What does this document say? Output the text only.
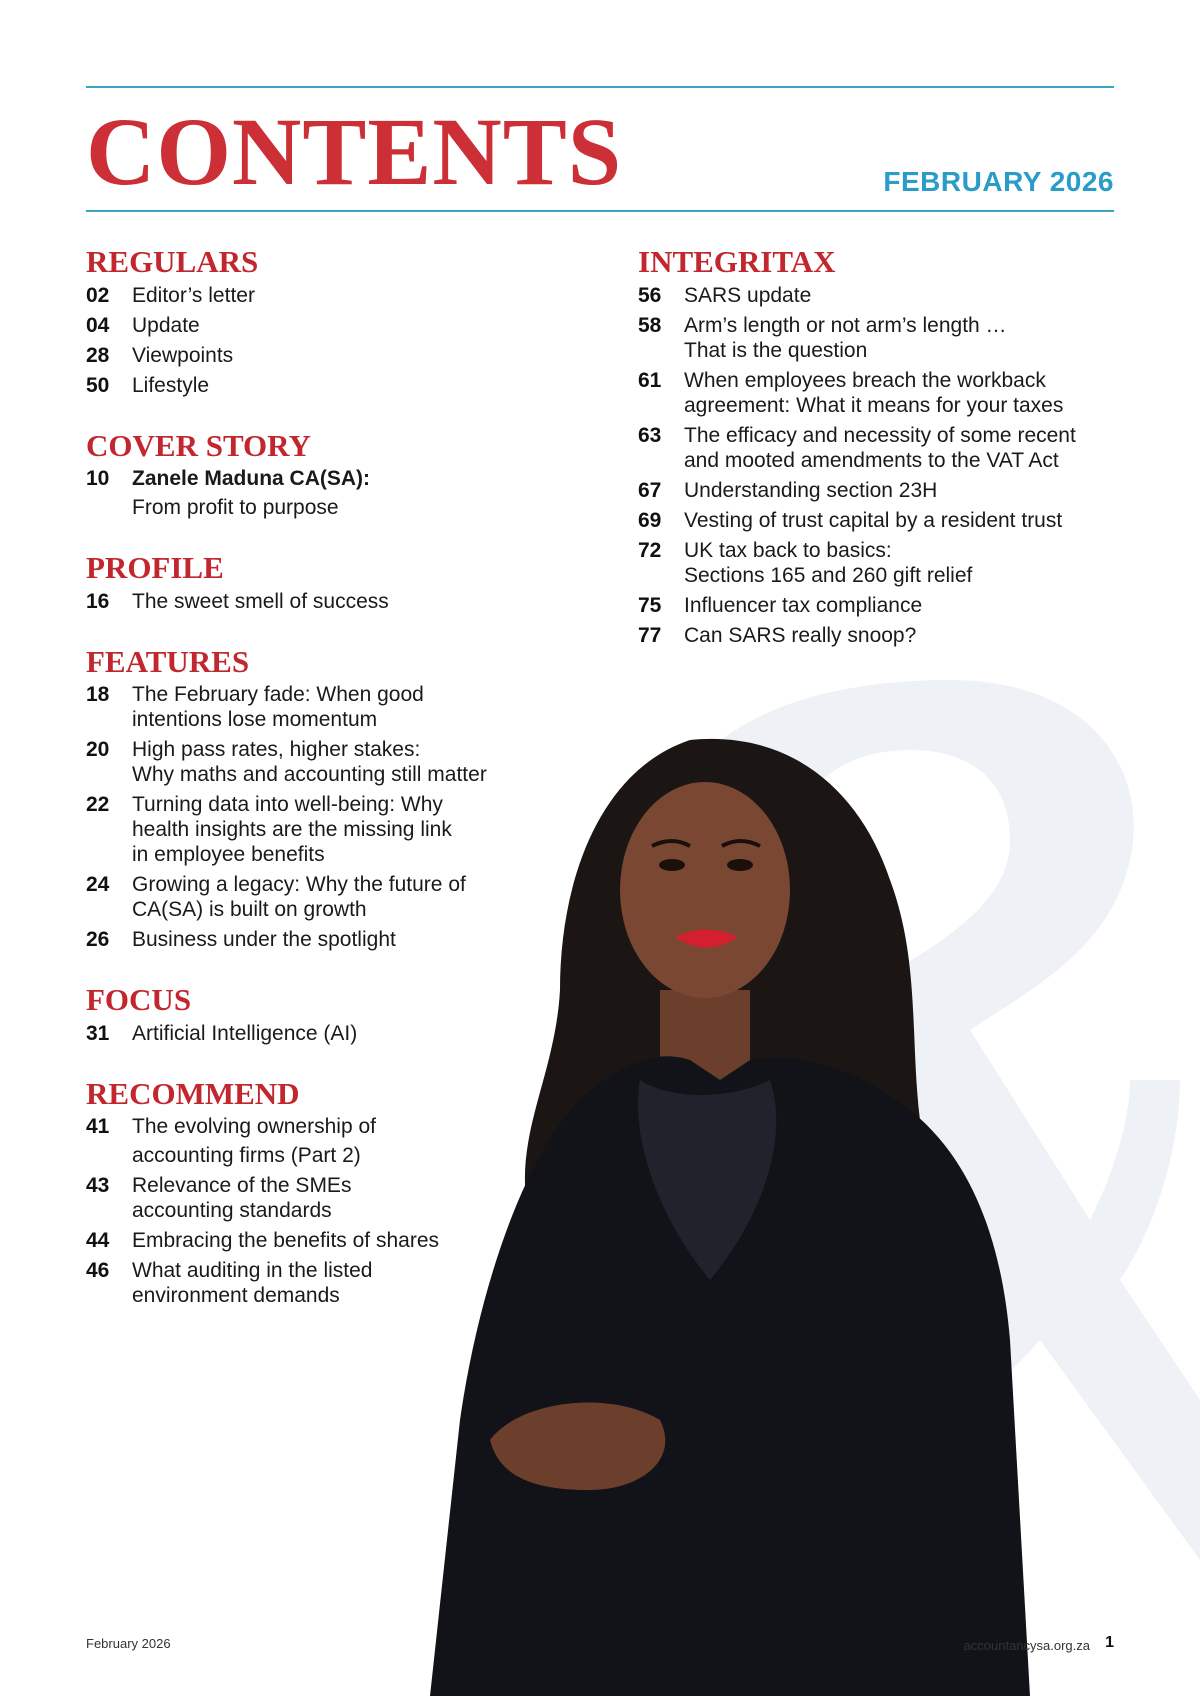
CONTENTS	FEBRUARY 2026
REGULARS
02	Editor’s letter
04	Update
28	Viewpoints
50	Lifestyle
COVER STORY
10	Zanele Maduna CA(SA):
From profit to purpose
PROFILE
16	The sweet smell of success
FEATURES
18	The February fade: When good
intentions lose momentum
20	High pass rates, higher stakes:
Why maths and accounting still matter
22	Turning data into well-being: Why
health insights are the missing link
in employee benefits
24	Growing a legacy: Why the future of
CA(SA) is built on growth
26	Business under the spotlight
FOCUS
31	Artificial Intelligence (AI)
RECOMMEND
41	The evolving ownership of
accounting firms (Part 2)
43	Relevance of the SMEs
accounting standards
44	Embracing the benefits of shares
46	What auditing in the listed
environment demands
INTEGRITAX
56	SARS update
58	Arm’s length or not arm’s length …
That is the question
61	When employees breach the workback
agreement: What it means for your taxes
63	The efficacy and necessity of some recent
and mooted amendments to the VAT Act
67	Understanding section 23H
69	Vesting of trust capital by a resident trust
72	UK tax back to basics:
Sections 165 and 260 gift relief
75	Influencer tax compliance
77	Can SARS really snoop?
February 2026	accountancysa.org.za 1
